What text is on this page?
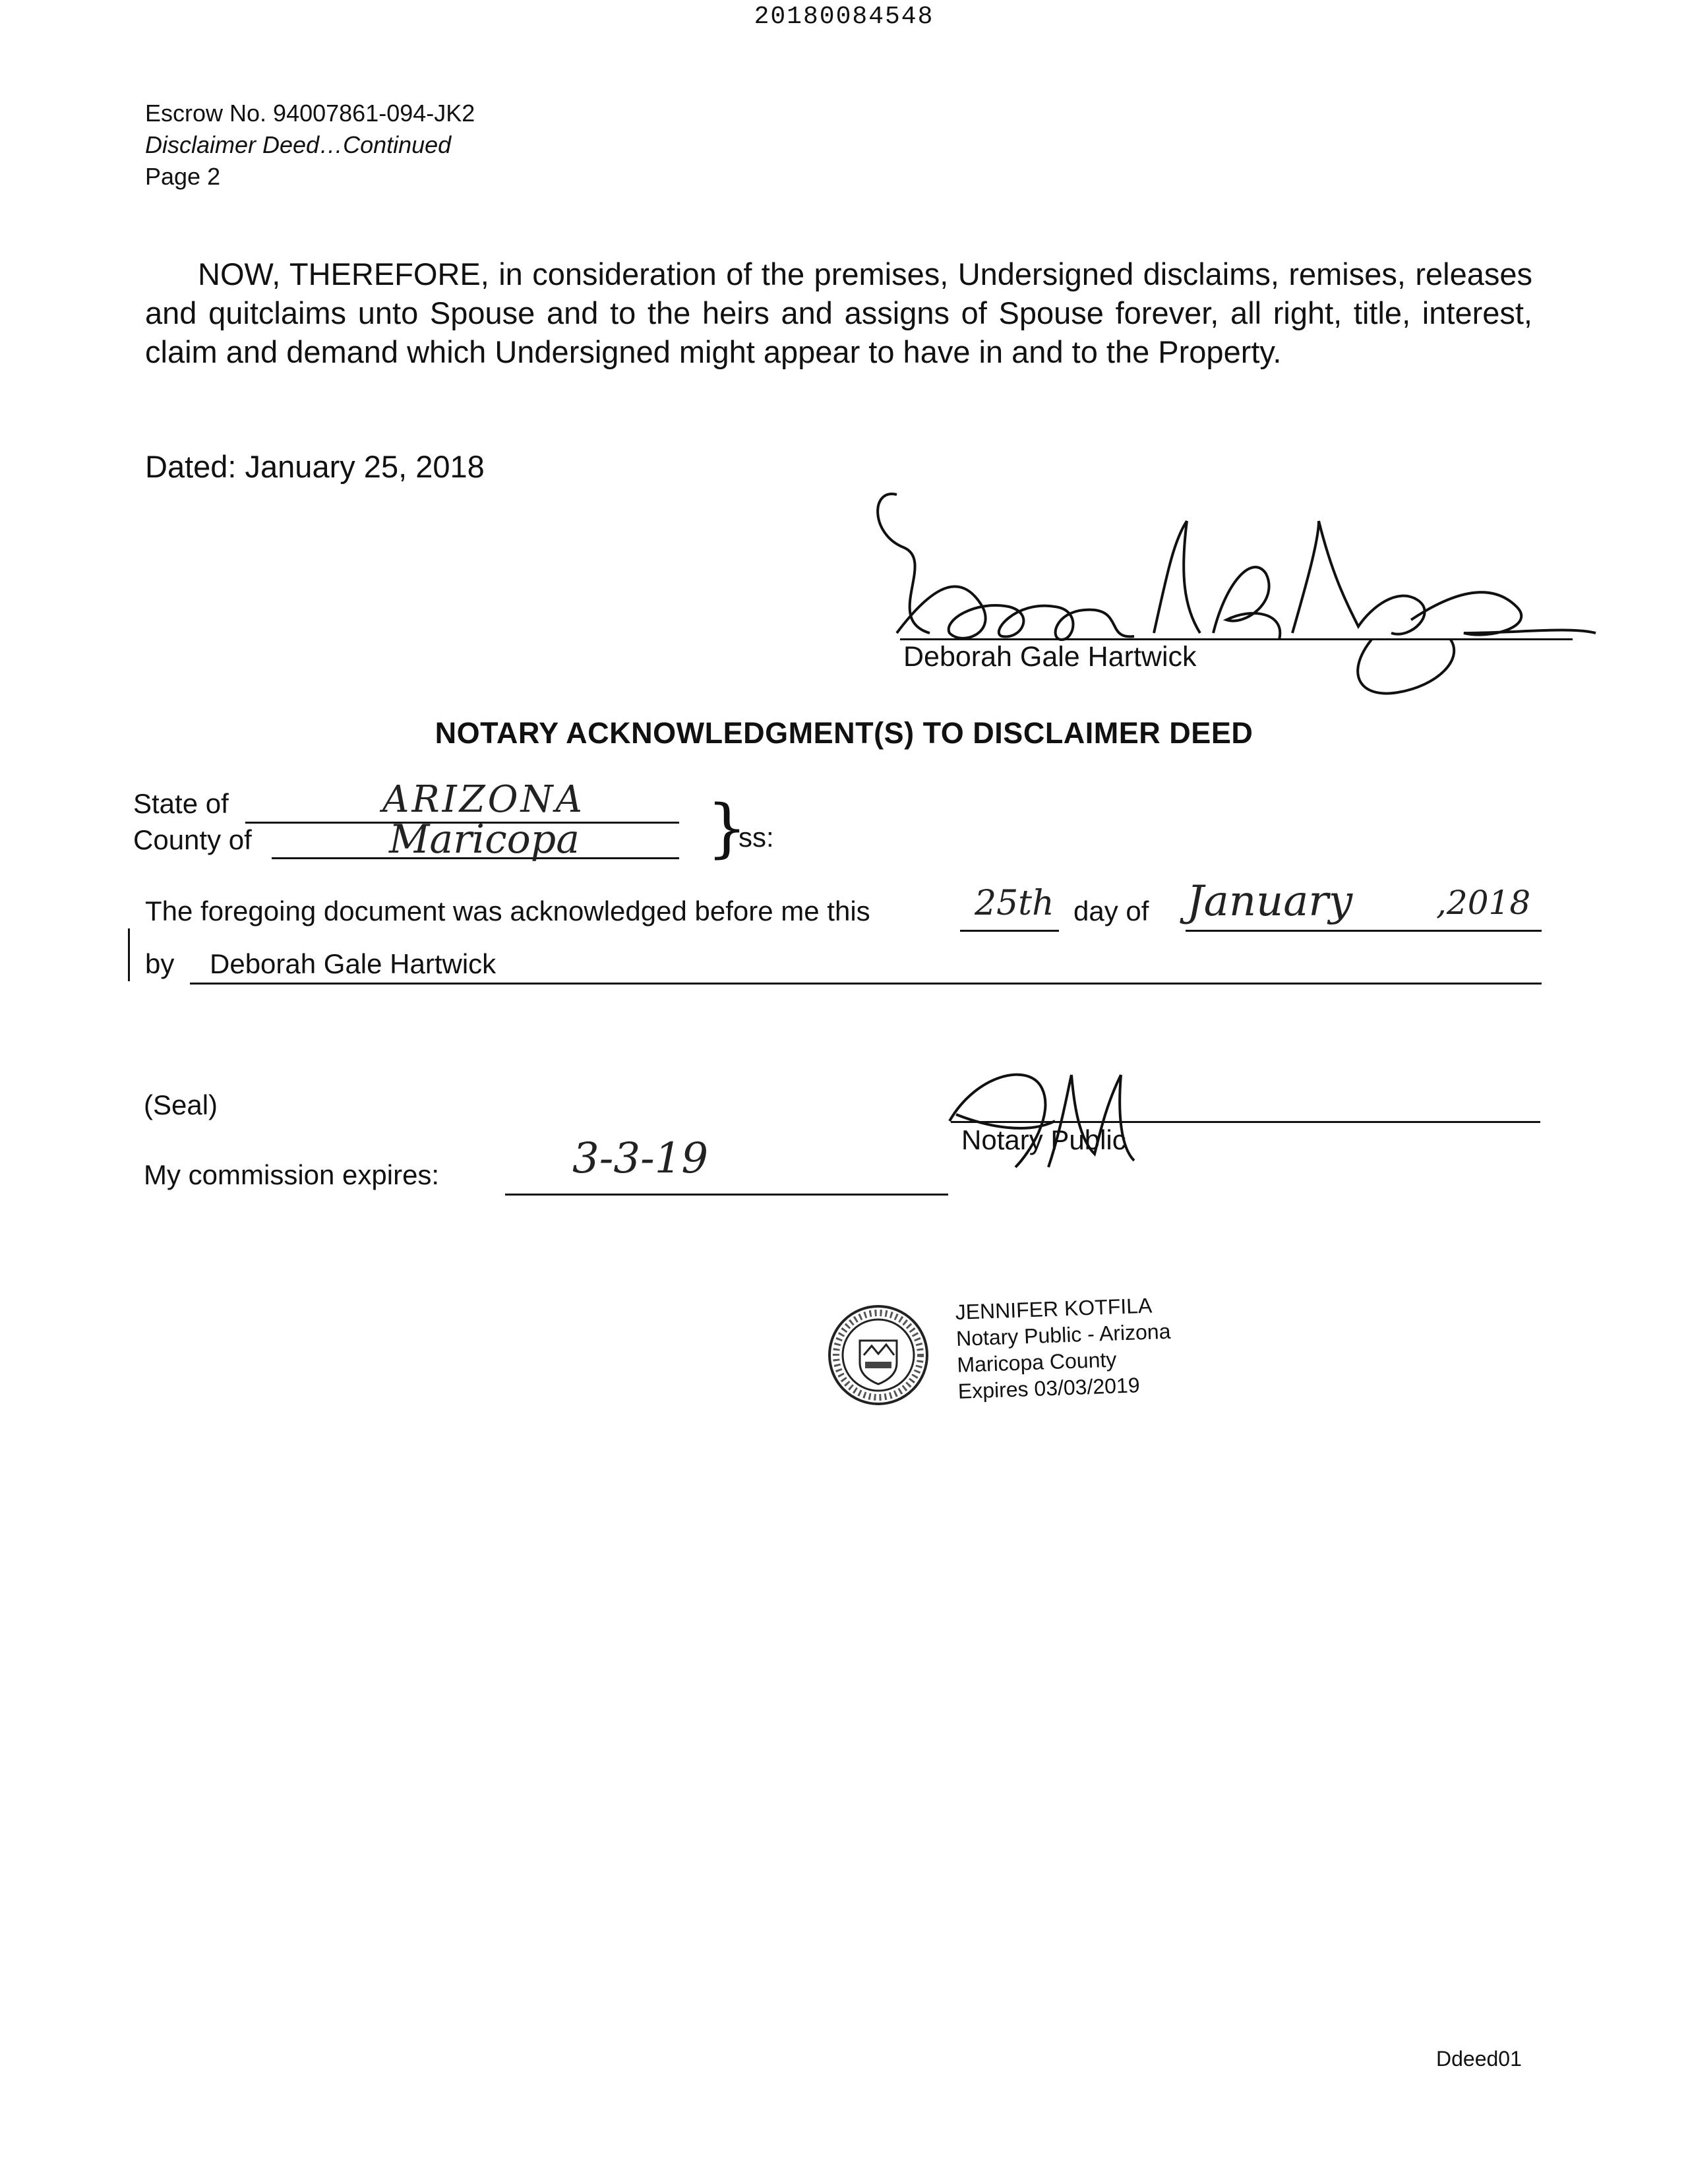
20180084548
Escrow No. 94007861-094-JK2
Disclaimer Deed…Continued
Page 2
NOW, THEREFORE, in consideration of the premises, Undersigned disclaims, remises, releases and quitclaims unto Spouse and to the heirs and assigns of Spouse forever, all right, title, interest, claim and demand which Undersigned might appear to have in and to the Property.
Dated: January 25, 2018
Deborah Gale Hartwick
NOTARY ACKNOWLEDGMENT(S) TO DISCLAIMER DEED
State of	ARIZONA
County of	Maricopa }
ss:
The foregoing document was acknowledged before me this	25th day of January	,2018
by Deborah Gale Hartwick
(Seal)
Notary Public
My commission expires:	3-3-19
JENNIFER KOTFILA
Notary Public - Arizona
Maricopa County
Expires 03/03/2019
Ddeed01
